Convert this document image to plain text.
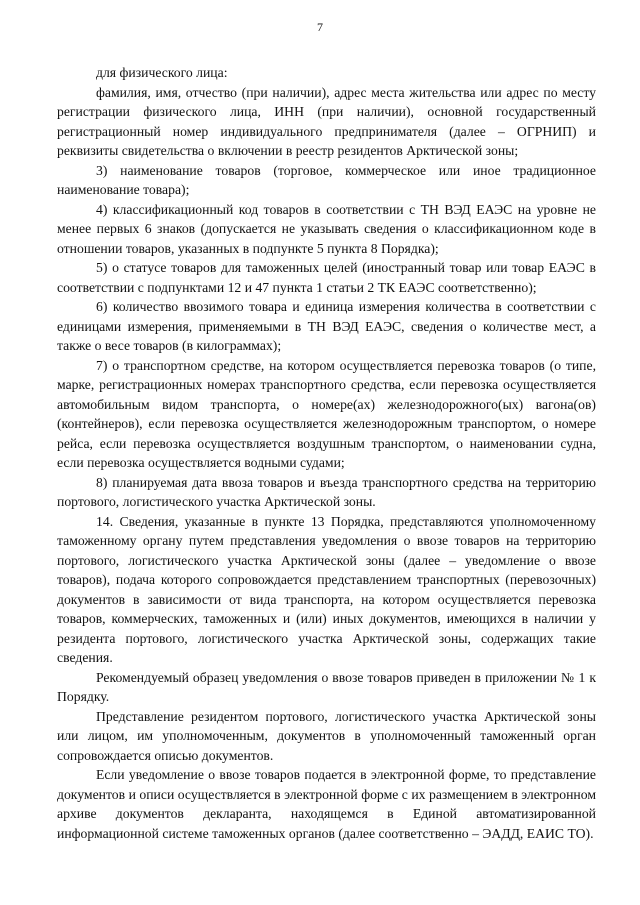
7

для физического лица:

фамилия, имя, отчество (при наличии), адрес места жительства или адрес по месту регистрации физического лица, ИНН (при наличии), основной государственный регистрационный номер индивидуального предпринимателя (далее – ОГРНИП) и реквизиты свидетельства о включении в реестр резидентов Арктической зоны;

3) наименование товаров (торговое, коммерческое или иное традиционное наименование товара);

4) классификационный код товаров в соответствии с ТН ВЭД ЕАЭС на уровне не менее первых 6 знаков (допускается не указывать сведения о классификационном коде в отношении товаров, указанных в подпункте 5 пункта 8 Порядка);

5) о статусе товаров для таможенных целей (иностранный товар или товар ЕАЭС в соответствии с подпунктами 12 и 47 пункта 1 статьи 2 ТК ЕАЭС соответственно);

6) количество ввозимого товара и единица измерения количества в соответствии с единицами измерения, применяемыми в ТН ВЭД ЕАЭС, сведения о количестве мест, а также о весе товаров (в килограммах);

7) о транспортном средстве, на котором осуществляется перевозка товаров (о типе, марке, регистрационных номерах транспортного средства, если перевозка осуществляется автомобильным видом транспорта, о номере(ах) железнодорожного(ых) вагона(ов) (контейнеров), если перевозка осуществляется железнодорожным транспортом, о номере рейса, если перевозка осуществляется воздушным транспортом, о наименовании судна, если перевозка осуществляется водными судами;

8) планируемая дата ввоза товаров и въезда транспортного средства на территорию портового, логистического участка Арктической зоны.

14. Сведения, указанные в пункте 13 Порядка, представляются уполномоченному таможенному органу путем представления уведомления о ввозе товаров на территорию портового, логистического участка Арктической зоны (далее – уведомление о ввозе товаров), подача которого сопровождается представлением транспортных (перевозочных) документов в зависимости от вида транспорта, на котором осуществляется перевозка товаров, коммерческих, таможенных и (или) иных документов, имеющихся в наличии у резидента портового, логистического участка Арктической зоны, содержащих такие сведения.

Рекомендуемый образец уведомления о ввозе товаров приведен в приложении № 1 к Порядку.

Представление резидентом портового, логистического участка Арктической зоны или лицом, им уполномоченным, документов в уполномоченный таможенный орган сопровождается описью документов.

Если уведомление о ввозе товаров подается в электронной форме, то представление документов и описи осуществляется в электронной форме с их размещением в электронном архиве документов декларанта, находящемся в Единой автоматизированной информационной системе таможенных органов (далее соответственно – ЭАДД, ЕАИС ТО).
